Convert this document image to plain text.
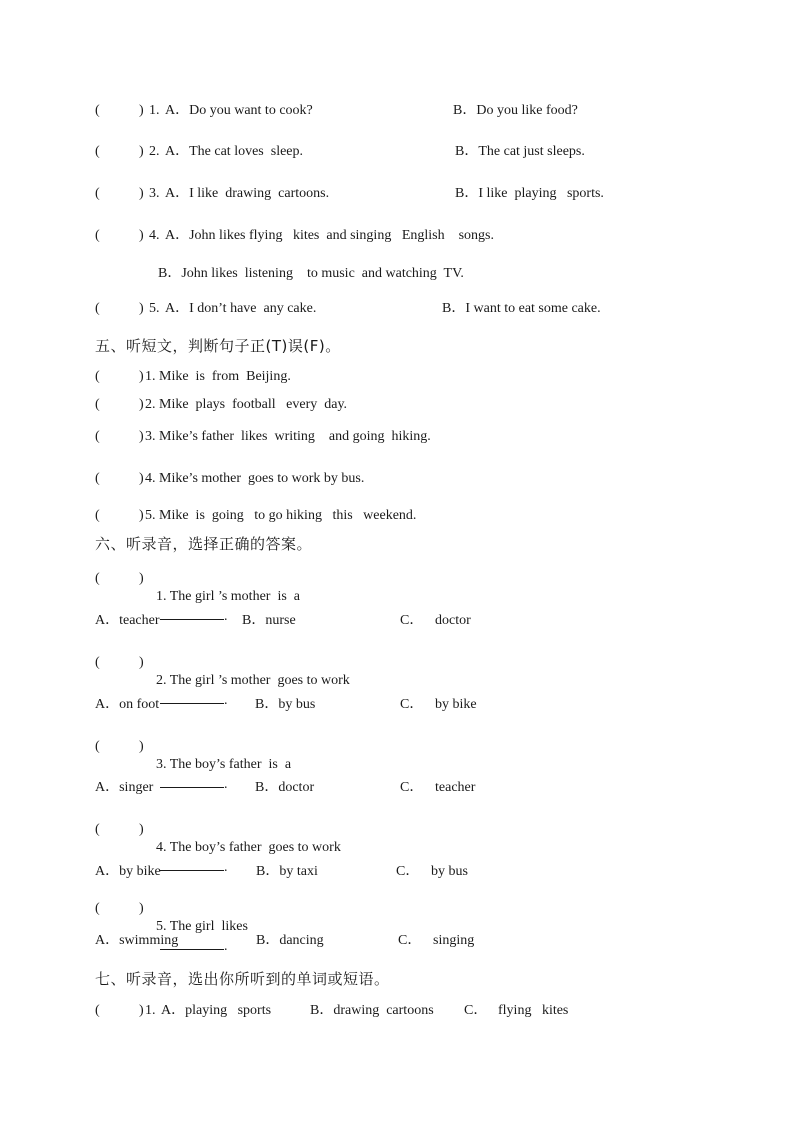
(	) 1. A．Do you want to cook?	B．Do you like food?
(	) 2. A．The cat loves  sleep.	B．The cat just sleeps.
(	) 3. A．I like  drawing  cartoons.	B．I like  playing   sports.
(	) 4. A．John likes flying   kites  and singing   English    songs.
B．John likes  listening    to music  and watching  TV.
(	) 5. A．I don’t have  any cake.	B．I want to eat some cake.
五、听短文，判断句子正(T)误(F)。
(	) 1. Mike  is  from  Beijing.
(	) 2. Mike  plays  football   every  day.
(	) 3. Mike’s father  likes  writing    and going  hiking.
(	) 4. Mike’s mother  goes to work by bus.
(	) 5. Mike  is  going   to go hiking   this   weekend.
六、听录音，选择正确的答案。
(	)

1. The girl ’s mother  is  a
.

A．teacher	B．nurse	C． doctor
(	)

2. The girl ’s mother  goes to work
.

A．on foot	B．by bus	C． by bike
(	)

3. The boy’s father  is  a
.

A．singer	B．doctor	C． teacher
(	)

4. The boy’s father  goes to work
.

A．by bike	B．by taxi	C． by bus
(	)

5. The girl  likes
.

A．swimming	B．dancing	C． singing
七、听录音，选出你所听到的单词或短语。
(	) 1. A．playing   sports	B．drawing  cartoons C． flying   kites
